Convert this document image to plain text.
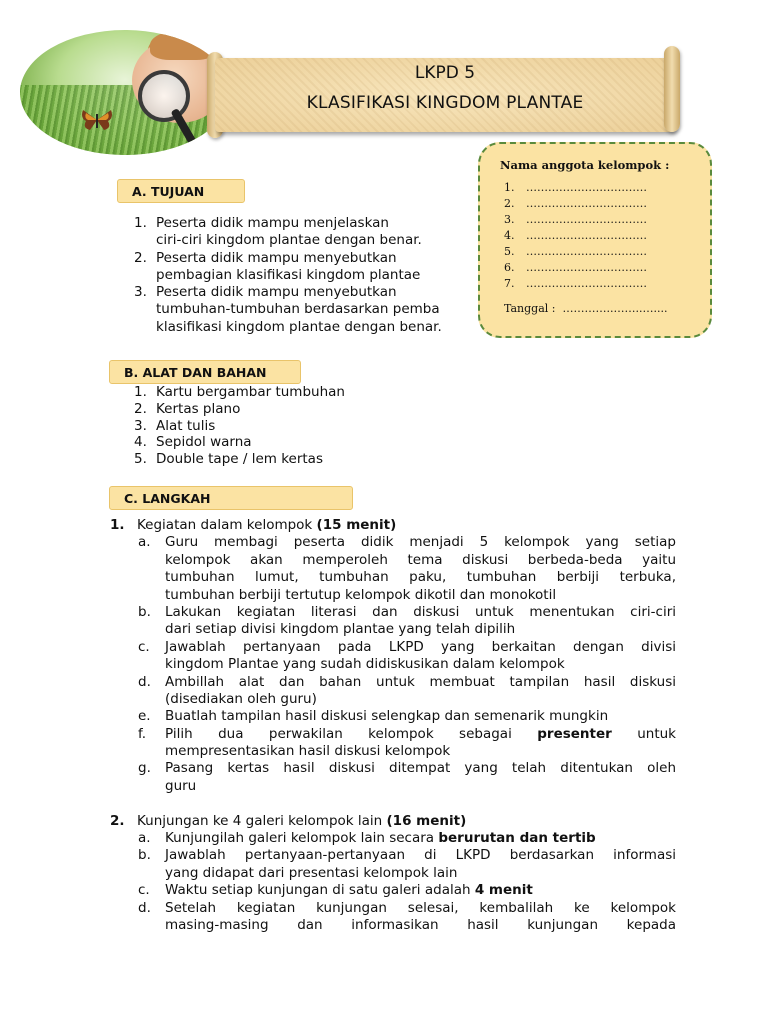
LKPD 5
KLASIFIKASI KINGDOM PLANTAE
Nama anggota kelompok :
1. ……………………………
2. ……………………………
3. ……………………………
4. ……………………………
5. ……………………………
6. ……………………………
7. ……………………………
Tanggal : …………..……..…....
A. TUJUAN
1. Peserta didik mampu menjelaskan
ciri-ciri kingdom plantae dengan benar.
2. Peserta didik mampu menyebutkan
pembagian klasifikasi kingdom plantae
3. Peserta didik mampu menyebutkan
tumbuhan-tumbuhan berdasarkan pemba
klasifikasi kingdom plantae dengan benar.
B. ALAT DAN BAHAN
1. Kartu bergambar tumbuhan
2. Kertas plano
3. Alat tulis
4. Sepidol warna
5. Double tape / lem kertas
C. LANGKAH
1. Kegiatan dalam kelompok (15 menit)
a. Guru membagi peserta didik menjadi 5 kelompok yang setiap
kelompok akan memperoleh tema diskusi berbeda-beda yaitu
tumbuhan lumut, tumbuhan paku, tumbuhan berbiji terbuka,
tumbuhan berbiji tertutup kelompok dikotil dan monokotil
b. Lakukan kegiatan literasi dan diskusi untuk menentukan ciri-ciri
dari setiap divisi kingdom plantae yang telah dipilih
c. Jawablah pertanyaan pada LKPD yang berkaitan dengan divisi
kingdom Plantae yang sudah didiskusikan dalam kelompok
d. Ambillah alat dan bahan untuk membuat tampilan hasil diskusi
(disediakan oleh guru)
e. Buatlah tampilan hasil diskusi selengkap dan semenarik mungkin
f. Pilih dua perwakilan kelompok sebagai presenter untuk
mempresentasikan hasil diskusi kelompok
g. Pasang kertas hasil diskusi ditempat yang telah ditentukan oleh
guru
2. Kunjungan ke 4 galeri kelompok lain (16 menit)
a. Kunjungilah galeri kelompok lain secara berurutan dan tertib
b. Jawablah pertanyaan-pertanyaan di LKPD berdasarkan informasi
yang didapat dari presentasi kelompok lain
c. Waktu setiap kunjungan di satu galeri adalah 4 menit
d. Setelah kegiatan kunjungan selesai, kembalilah ke kelompok
masing-masing dan informasikan hasil kunjungan kepada
